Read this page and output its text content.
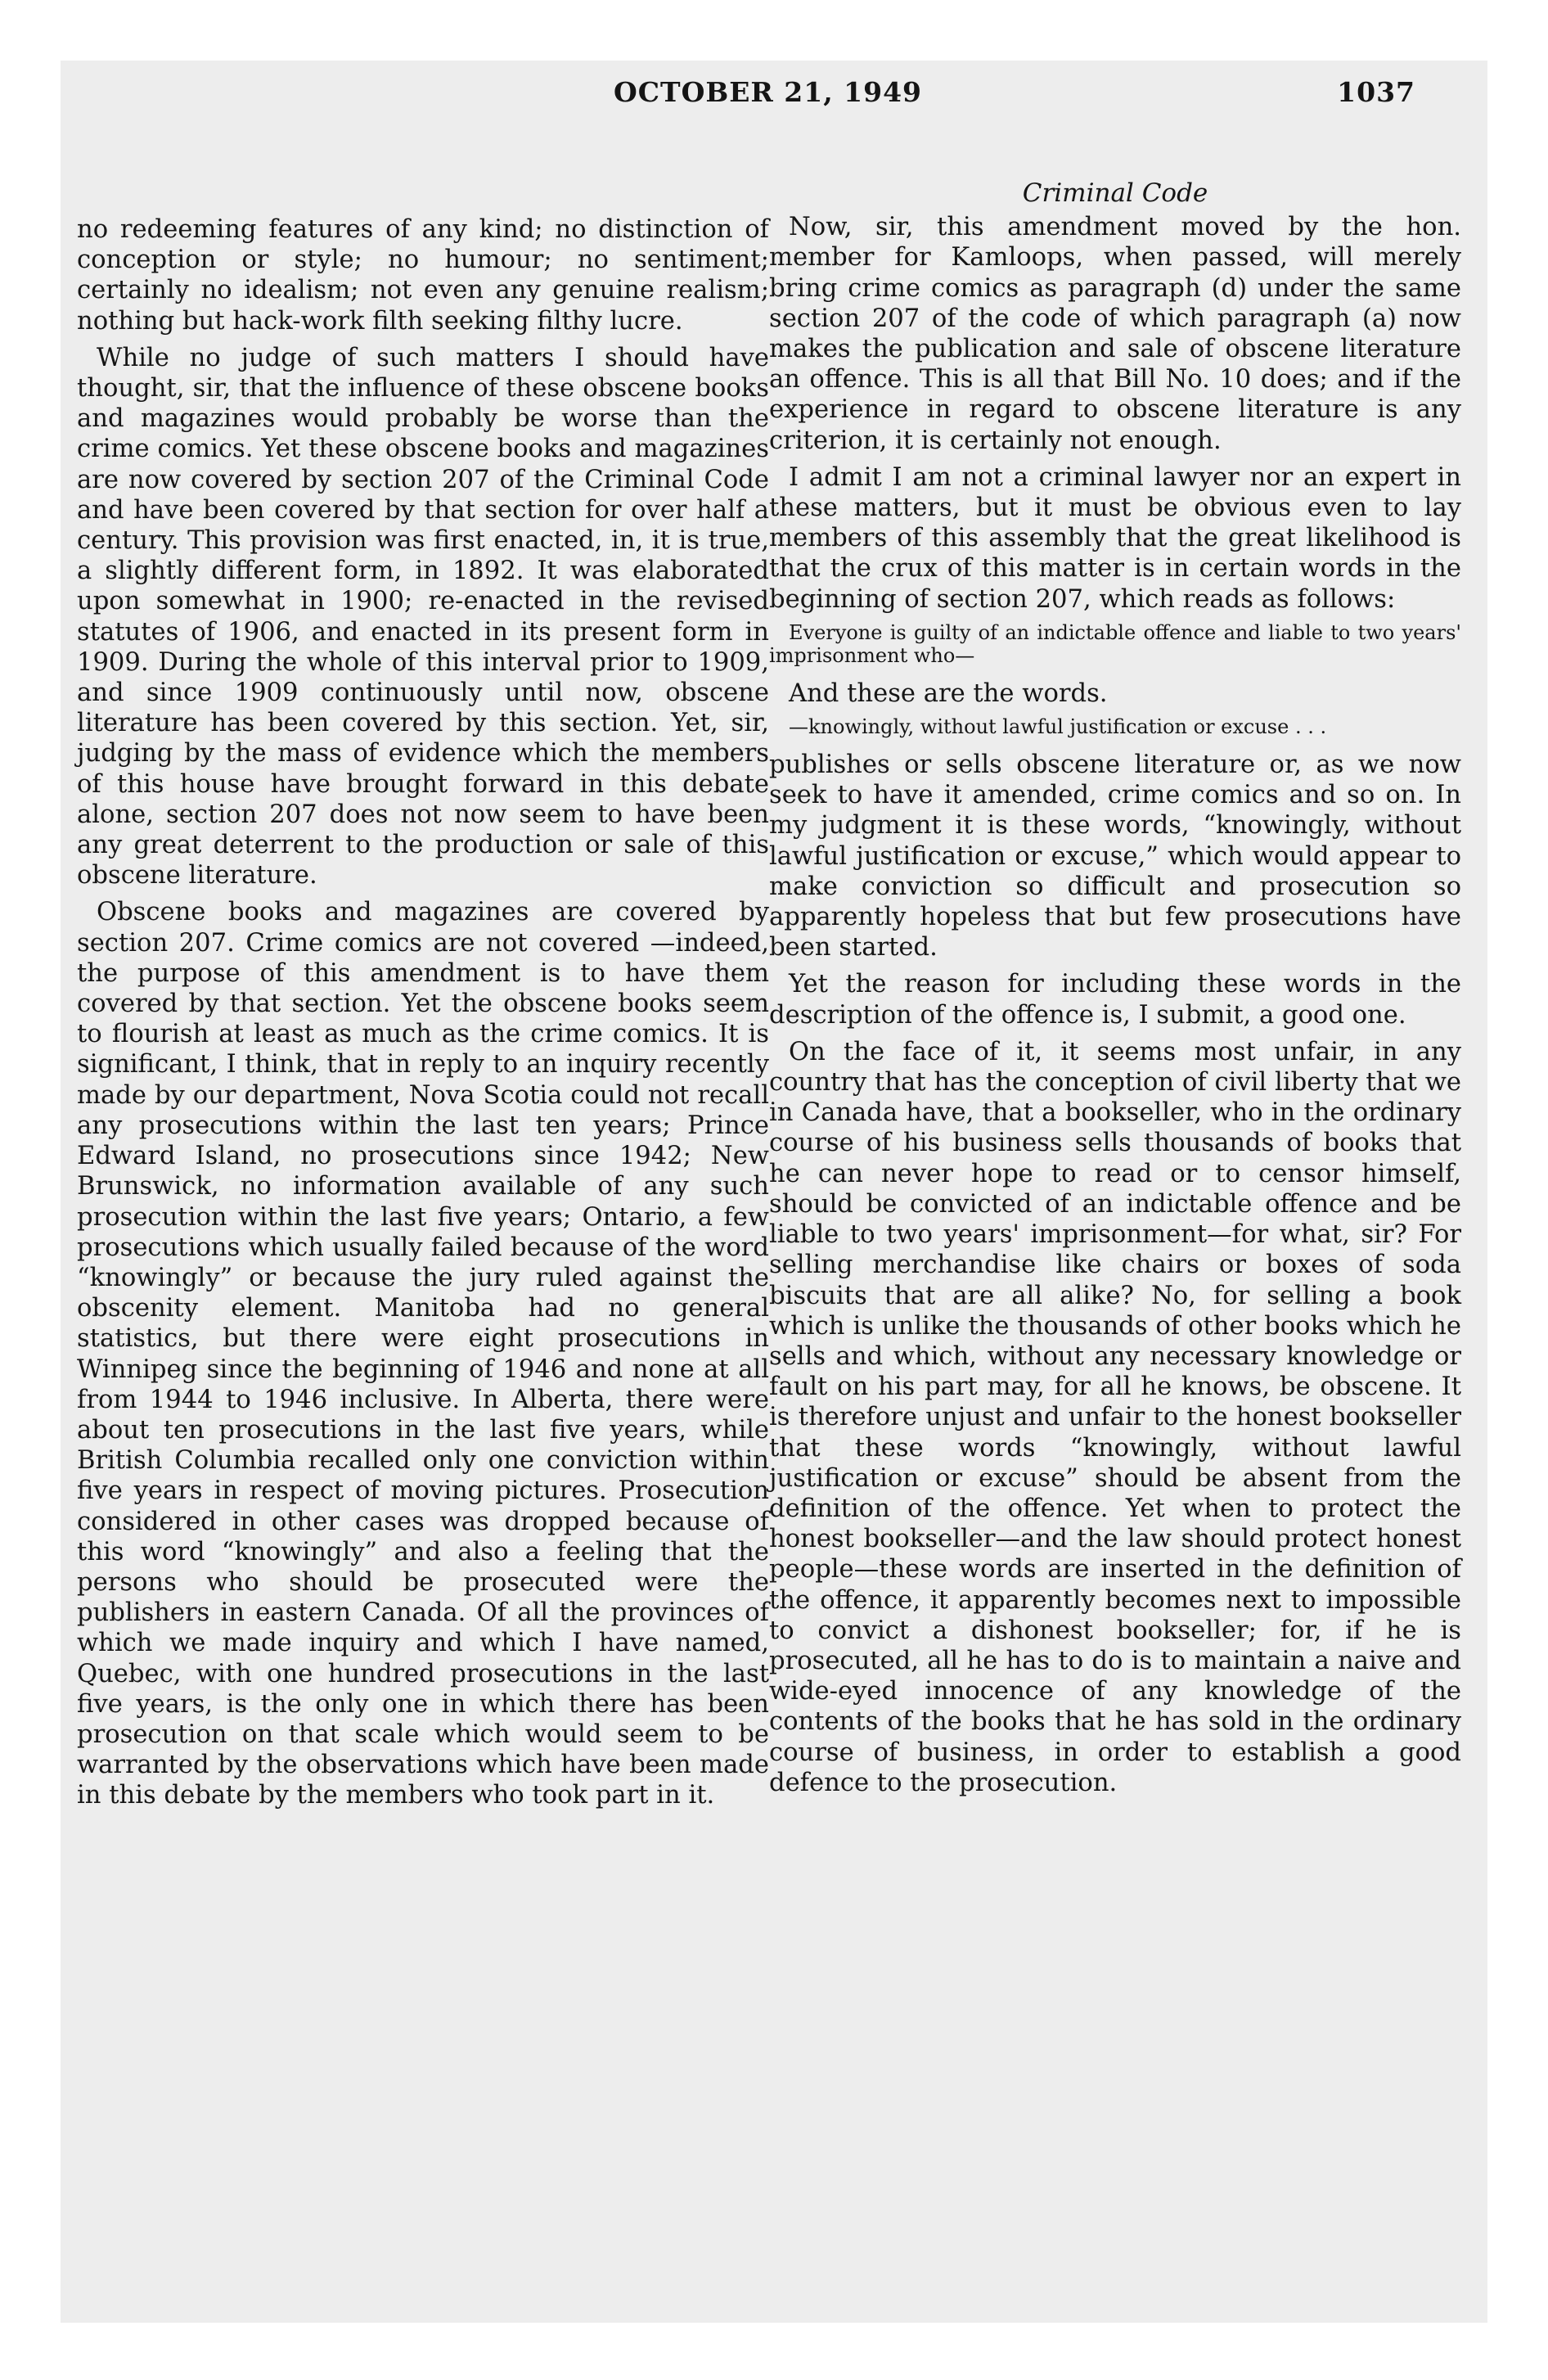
OCTOBER 21, 1949	1037

no redeeming features of any kind; no distinction of conception or style; no humour; no sentiment; certainly no idealism; not even any genuine realism; nothing but hack-work filth seeking filthy lucre.

While no judge of such matters I should have thought, sir, that the influence of these obscene books and magazines would probably be worse than the crime comics. Yet these obscene books and magazines are now covered by section 207 of the Criminal Code and have been covered by that section for over half a century. This provision was first enacted, in, it is true, a slightly different form, in 1892. It was elaborated upon somewhat in 1900; re-enacted in the revised statutes of 1906, and enacted in its present form in 1909. During the whole of this interval prior to 1909, and since 1909 continuously until now, obscene literature has been covered by this section. Yet, sir, judging by the mass of evidence which the members of this house have brought forward in this debate alone, section 207 does not now seem to have been any great deterrent to the production or sale of this obscene literature.

Obscene books and magazines are covered by section 207. Crime comics are not covered —indeed, the purpose of this amendment is to have them covered by that section. Yet the obscene books seem to flourish at least as much as the crime comics. It is significant, I think, that in reply to an inquiry recently made by our department, Nova Scotia could not recall any prosecutions within the last ten years; Prince Edward Island, no prosecutions since 1942; New Brunswick, no information available of any such prosecution within the last five years; Ontario, a few prosecutions which usually failed because of the word “knowingly” or because the jury ruled against the obscenity element. Manitoba had no general statistics, but there were eight prosecutions in Winnipeg since the beginning of 1946 and none at all from 1944 to 1946 inclusive. In Alberta, there were about ten prosecutions in the last five years, while British Columbia recalled only one conviction within five years in respect of moving pictures. Prosecution considered in other cases was dropped because of this word “knowingly” and also a feeling that the persons who should be prosecuted were the publishers in eastern Canada. Of all the provinces of which we made inquiry and which I have named, Quebec, with one hundred prosecutions in the last five years, is the only one in which there has been prosecution on that scale which would seem to be warranted by the observations which have been made in this debate by the members who took part in it.

Criminal Code

Now, sir, this amendment moved by the hon. member for Kamloops, when passed, will merely bring crime comics as paragraph (d) under the same section 207 of the code of which paragraph (a) now makes the publication and sale of obscene literature an offence. This is all that Bill No. 10 does; and if the experience in regard to obscene literature is any criterion, it is certainly not enough.

I admit I am not a criminal lawyer nor an expert in these matters, but it must be obvious even to lay members of this assembly that the great likelihood is that the crux of this matter is in certain words in the beginning of section 207, which reads as follows:

Everyone is guilty of an indictable offence and liable to two years' imprisonment who—

And these are the words.

—knowingly, without lawful justification or excuse . . .

publishes or sells obscene literature or, as we now seek to have it amended, crime comics and so on. In my judgment it is these words, “knowingly, without lawful justification or excuse,” which would appear to make conviction so difficult and prosecution so apparently hopeless that but few prosecutions have been started.

Yet the reason for including these words in the description of the offence is, I submit, a good one.

On the face of it, it seems most unfair, in any country that has the conception of civil liberty that we in Canada have, that a bookseller, who in the ordinary course of his business sells thousands of books that he can never hope to read or to censor himself, should be convicted of an indictable offence and be liable to two years' imprisonment—for what, sir? For selling merchandise like chairs or boxes of soda biscuits that are all alike? No, for selling a book which is unlike the thousands of other books which he sells and which, without any necessary knowledge or fault on his part may, for all he knows, be obscene. It is therefore unjust and unfair to the honest bookseller that these words “knowingly, without lawful justification or excuse” should be absent from the definition of the offence. Yet when to protect the honest bookseller—and the law should protect honest people—these words are inserted in the definition of the offence, it apparently becomes next to impossible to convict a dishonest bookseller; for, if he is prosecuted, all he has to do is to maintain a naive and wide-eyed innocence of any knowledge of the contents of the books that he has sold in the ordinary course of business, in order to establish a good defence to the prosecution.
